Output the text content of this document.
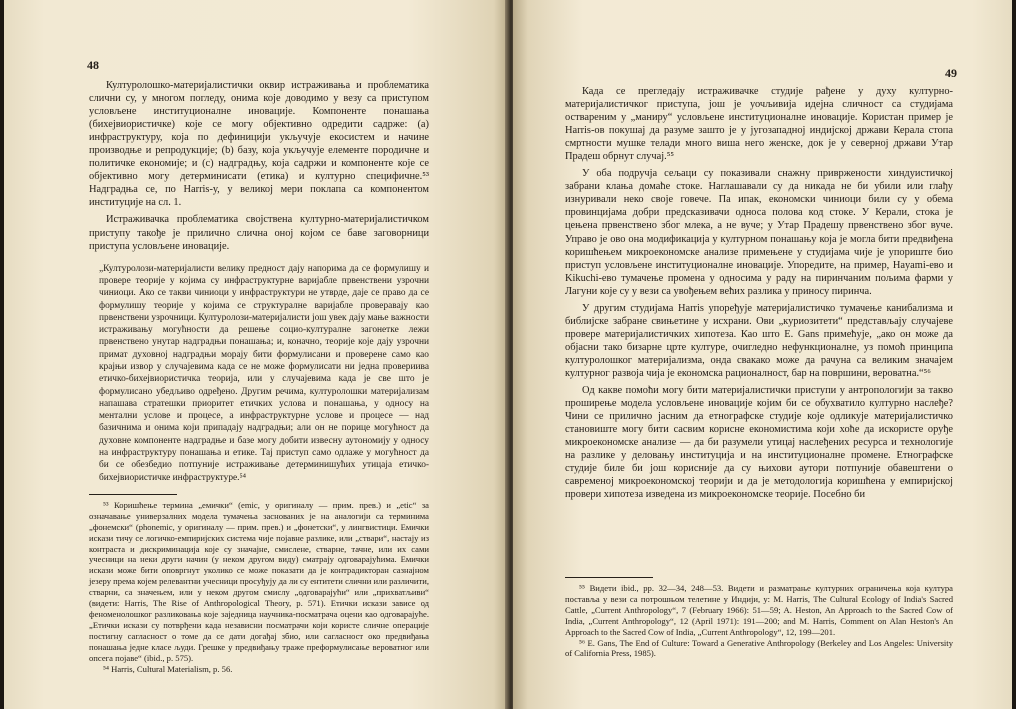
48

Културолошко-материјалистички оквир истраживања и проблематика слични су, у многом погледу, онима које доводимо у везу са приступом условљене институционалне иновације. Компоненте понашања (бихејвиористичке) које се могу објективно одредити садрже: (а) инфраструктуру, која по дефиницији укључује екосистем и начине производње и репродукције; (b) базу, која укључује елементе породичне и политичке економије; и (c) надградњу, која садржи и компоненте које се објективно могу детерминисати (етика) и културно специфичне.⁵³ Надградња се, по Harris-у, у великој мери поклапа са компонентом институције на сл. 1.

Истраживачка проблематика својствена културно-материјалистичком приступу такође је прилично слична оној којом се баве заговорници приступа условљене иновације.

„Културолози-материјалисти велику предност дају напорима да се формулишу и провере теорије у којима су инфраструктурне варијабле првенствени узрочни чиниоци. Ако се такви чиниоци у инфраструктури не утврде, даје се право да се формулишу теорије у којима се структуралне варијабле проверавају као првенствени узрочници. Културолози-материјалисти још увек дају мање важности истраживању могућности да решење социо-културалне загонетке лежи првенствено унутар надградњи понашања; и, коначно, теорије које дају узрочни примат духовној надградњи морају бити формулисани и проверене само као крајњи извор у случајевима када се не може формулисати ни једна провериива етичко-бихејвиористичка теорија, или у случајевима када је све што је формулисано убедљиво одређено. Другим речима, културолошки материјализам напашава стратешки приоритет етичких услова и понашања, у односу на ментални услове и процесе, а инфраструктурне услове и процесе — над базичнима и онима који припадају надградњи; али он не порице могућност да духовне компоненте надградње и базе могу добити извесну аутономију у односу на инфраструктуру понашања и етике. Тај приступ само одлаже у могућност да би се обезбедио потпуније истраживање детерминишућих утицаја етичко-бихејвиористичке инфраструктуре.⁵⁴

⁵³ Коришћење термина „емички“ (emic, у оригиналу — прим. прев.) и „etic“ за означавање универзалних модела тумачења заснованих је на аналогији са терминима „фонемски“ (phonemic, у оригиналу — прим. прев.) и „фонетски“, у лингвистици. Емички искази тичу се логичко-емпиријских система чије појавне разлике, или „ствари“, настају из контраста и дискриминација које су значајне, смислене, стварне, тачне, или их сами учесници на неки други начин (у неком другом виду) сматрају одговарајућима. Емички искази може бити оповргнут уколико се може показати да је контрадикторан сазнајном језеру према којем релевантни учесници просуђују да ли су ентитети слични или различити, стварни, са значењем, или у неком другом смислу „одговарајући“ или „прихватљиви“ (видети: Harris, The Rise of Anthropological Theory, p. 571). Етички искази зависе од феноменолошког разликовања које заједница научника-посматрача оцени као одговарајуће. „Етички искази су потврђени када независни посматрачи који користе сличне операције постигну сагласност о томе да се дати догађај збио, или сагласност око предвиђања понашања једне класе људи. Грешке у предвиђању траже преформулисање вероватног или опсега појаве“ (ibid., p. 575).

⁵⁴ Harris, Cultural Materialism, p. 56.

49

Када се прегледају истраживачке студије рађене у духу културно-материјалистичког приступа, још је уочљивија идејна сличност са студијама оствареним у „маниру“ условљене институционалне иновације. Користан пример је Harris-ов покушај да разуме зашто је у југозападној индијској држави Керала стопа смртности мушке телади много виша него женске, док је у северној држави Утар Прадеш обрнут случај.⁵⁵

У оба подручја сељаци су показивали снажну привржености хиндуистичкој забрани клања домаће стоке. Наглашавали су да никада не би убили или глађу изнуривали неко своје говече. Па ипак, економски чиниоци били су у обема провинцијама добри предсказивачи односа полова код стоке. У Керали, стока је цењена првенствено због млека, а не вуче; у Утар Прадешу првенствено због вуче. Управо је ово она модификација у културном понашању која је могла бити предвиђена коришћењем микроекономске анализе примењене у студијама чије је упориште био приступ условљене институционалне иновације. Упоредите, на пример, Hayami-ево и Kikuchi-ево тумачење промена у односима у раду на пиринчаним пољима фарми у Лагуни које су у вези са увођењем већих разлика у приносу пиринча.

У другим студијама Harris упоређује материјалистичко тумачење канибализма и библијске забране свињетине у исхрани. Ови „куриозитети“ представљају случајеве провере материјалистичких хипотеза. Као што E. Gans примећује, „ако он може да објасни тако бизарне црте културе, очигледно нефункционалне, уз помоћ принципа културолошког материјализма, онда свакако може да рачуна са великим значајем културног развоја чија је економска рационалност, бар на површини, вероватна.“⁵⁶

Од какве помоћи могу бити материјалистички приступи у антропологији за такво проширење модела условљене иновације којим би се обухватило културно наслеђе? Чини се прилично јасним да етнографске студије које одликује материјалистичко становиште могу бити сасвим корисне економистима који хоће да искористе оруђе микроекономске анализе — да би разумели утицај наслеђених ресурса и технологије на разлике у деловању институција и на институционалне промене. Етнографске студије биле би још корисније да су њихови аутори потпуније обавештени о савременој микроекономској теорији и да је методологија коришћена у емпиријској провери хипотеза изведена из микроекономске теорије. Посебно би

⁵⁵ Видети ibid., pp. 32—34, 248—53. Видети и разматрање културних ограничења која култура поставља у вези са потрошњом телетине у Индији, у: M. Harris, The Cultural Ecology of India's Sacred Cattle, „Current Anthropology“, 7 (February 1966): 51—59; A. Heston, An Approach to the Sacred Cow of India, „Current Anthropology“, 12 (April 1971): 191—200; and M. Harris, Comment on Alan Heston's An Approach to the Sacred Cow of India, „Current Anthropology“, 12, 199—201.

⁵⁶ E. Gans, The End of Culture: Toward a Generative Anthropology (Berkeley and Los Angeles: University of California Press, 1985).
